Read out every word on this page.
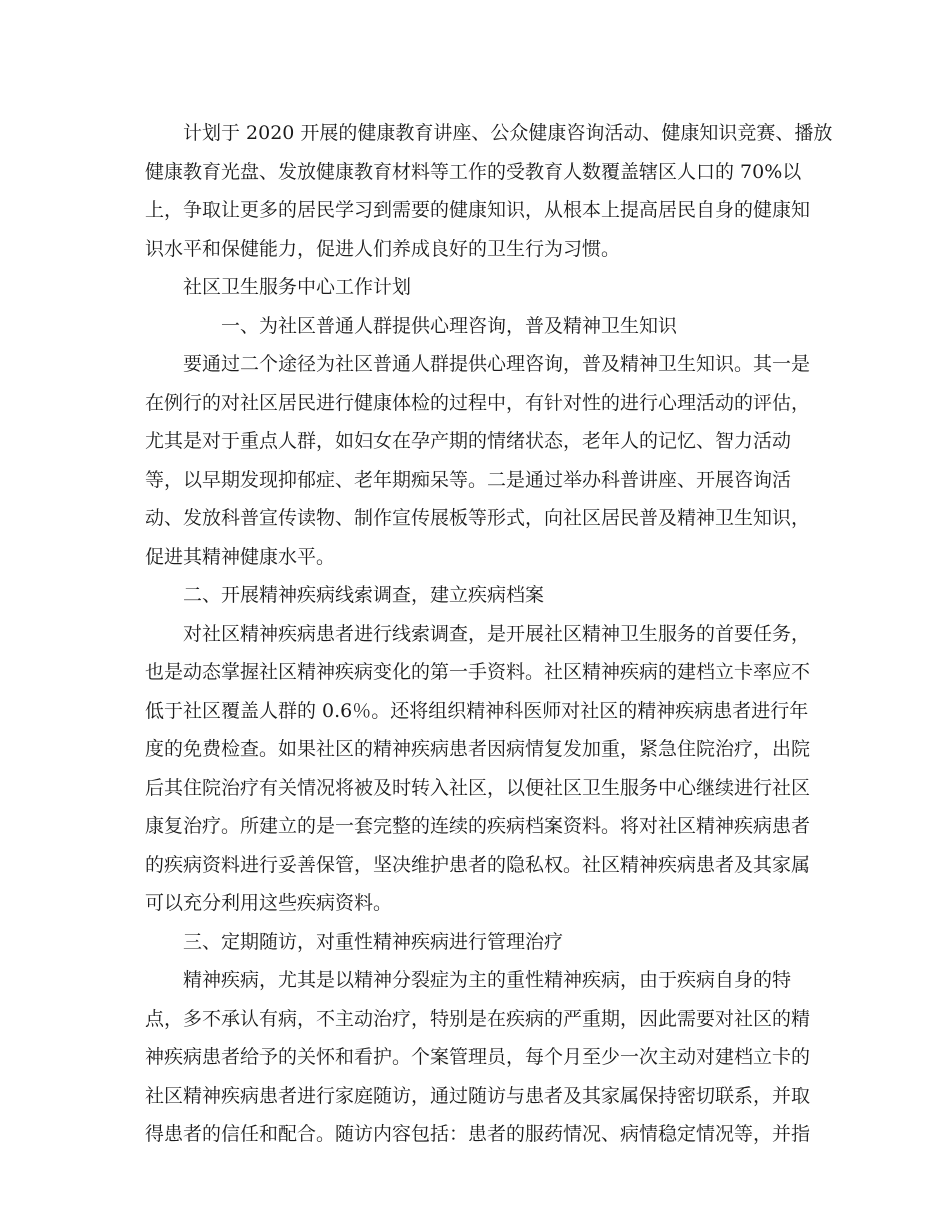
计划于 2020 开展的健康教育讲座、公众健康咨询活动、健康知识竞赛、播放
健康教育光盘、发放健康教育材料等工作的受教育人数覆盖辖区人口的 70%以
上，争取让更多的居民学习到需要的健康知识，从根本上提高居民自身的健康知
识水平和保健能力，促进人们养成良好的卫生行为习惯。
社区卫生服务中心工作计划
一、为社区普通人群提供心理咨询，普及精神卫生知识
要通过二个途径为社区普通人群提供心理咨询，普及精神卫生知识。其一是
在例行的对社区居民进行健康体检的过程中，有针对性的进行心理活动的评估，
尤其是对于重点人群，如妇女在孕产期的情绪状态，老年人的记忆、智力活动
等，以早期发现抑郁症、老年期痴呆等。二是通过举办科普讲座、开展咨询活
动、发放科普宣传读物、制作宣传展板等形式，向社区居民普及精神卫生知识，
促进其精神健康水平。
二、开展精神疾病线索调查，建立疾病档案
对社区精神疾病患者进行线索调查，是开展社区精神卫生服务的首要任务，
也是动态掌握社区精神疾病变化的第一手资料。社区精神疾病的建档立卡率应不
低于社区覆盖人群的 0.6％。还将组织精神科医师对社区的精神疾病患者进行年
度的免费检查。如果社区的精神疾病患者因病情复发加重，紧急住院治疗，出院
后其住院治疗有关情况将被及时转入社区，以便社区卫生服务中心继续进行社区
康复治疗。所建立的是一套完整的连续的疾病档案资料。将对社区精神疾病患者
的疾病资料进行妥善保管，坚决维护患者的隐私权。社区精神疾病患者及其家属
可以充分利用这些疾病资料。
三、定期随访，对重性精神疾病进行管理治疗
精神疾病，尤其是以精神分裂症为主的重性精神疾病，由于疾病自身的特
点，多不承认有病，不主动治疗，特别是在疾病的严重期，因此需要对社区的精
神疾病患者给予的关怀和看护。个案管理员，每个月至少一次主动对建档立卡的
社区精神疾病患者进行家庭随访，通过随访与患者及其家属保持密切联系，并取
得患者的信任和配合。随访内容包括：患者的服药情况、病情稳定情况等，并指
